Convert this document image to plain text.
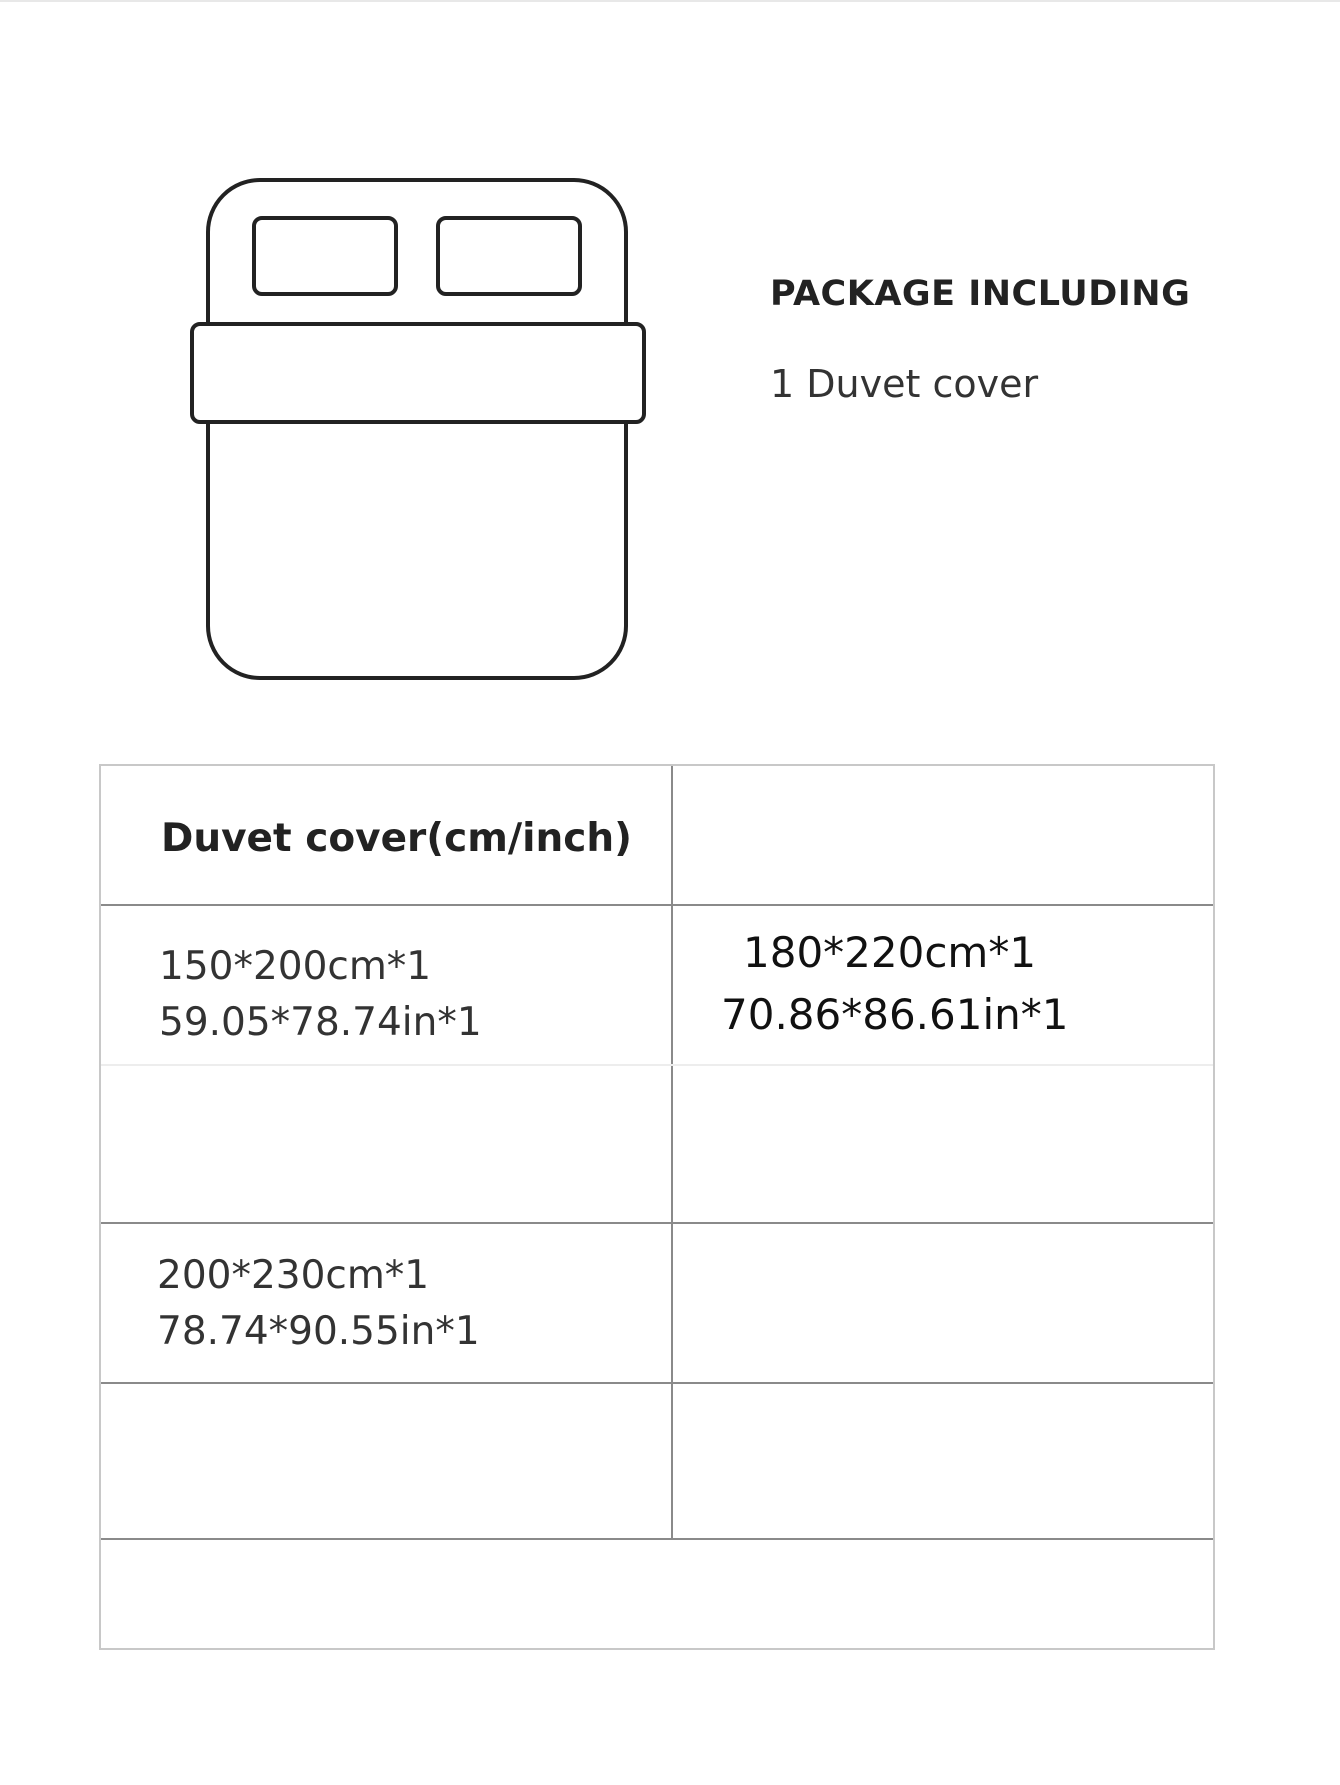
PACKAGE INCLUDING
1 Duvet cover
Duvet cover(cm/inch)
150*200cm*1
59.05*78.74in*1
180*220cm*1
70.86*86.61in*1
200*230cm*1
78.74*90.55in*1
